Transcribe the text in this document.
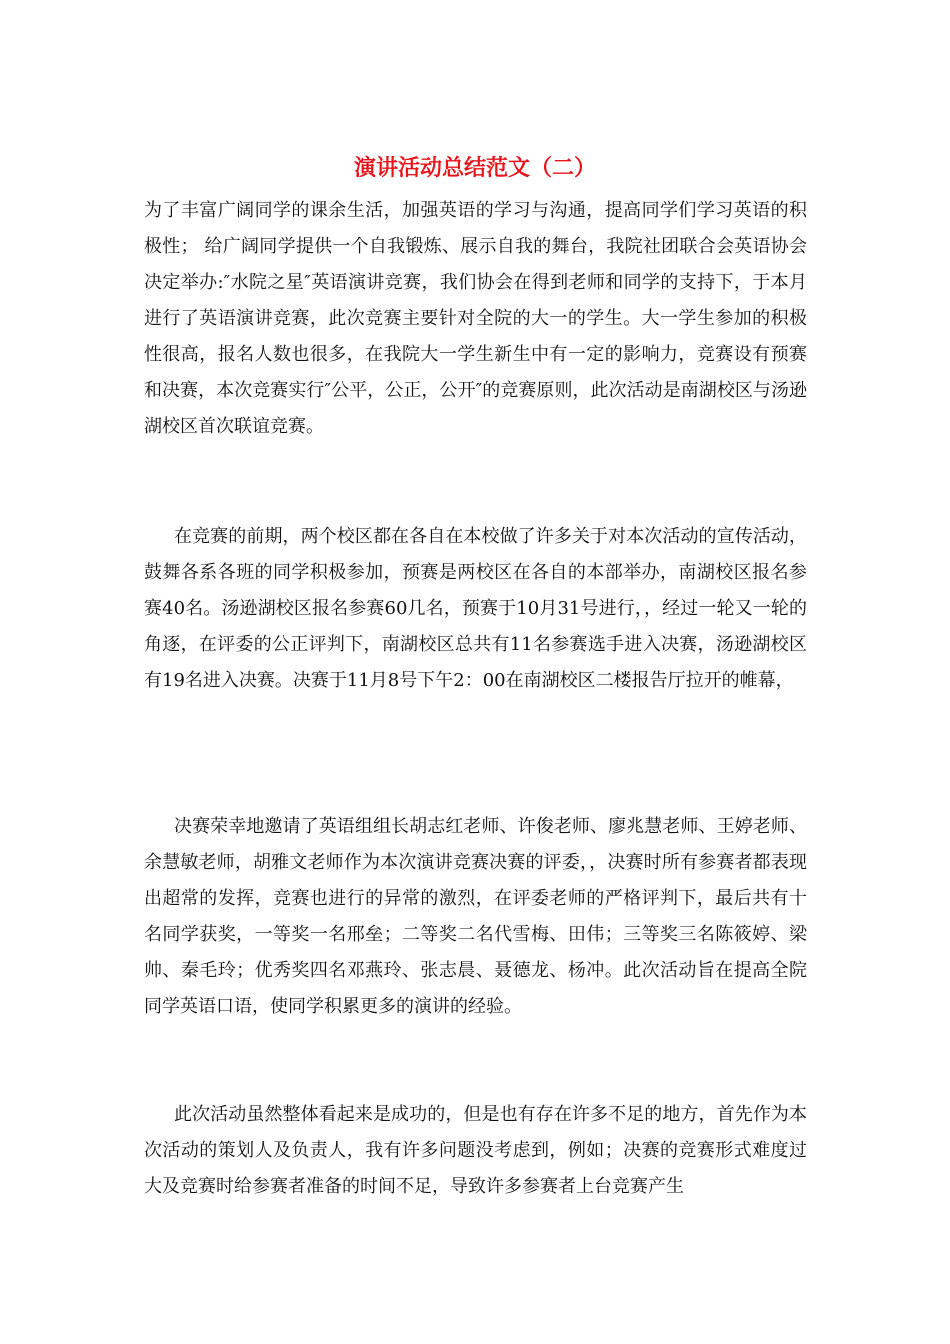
演讲活动总结范文（二）

为了丰富广阔同学的课余生活，加强英语的学习与沟通，提高同学们学习英语的积极性； 给广阔同学提供一个自我锻炼、展示自我的舞台，我院社团联合会英语协会决定举办:″水院之星″英语演讲竞赛，我们协会在得到老师和同学的支持下，于本月进行了英语演讲竞赛，此次竞赛主要针对全院的大一的学生。大一学生参加的积极性很高，报名人数也很多，在我院大一学生新生中有一定的影响力，竞赛设有预赛和决赛，本次竞赛实行″公平，公正，公开″的竞赛原则，此次活动是南湖校区与汤逊湖校区首次联谊竞赛。

在竞赛的前期，两个校区都在各自在本校做了许多关于对本次活动的宣传活动，鼓舞各系各班的同学积极参加，预赛是两校区在各自的本部举办，南湖校区报名参赛40名。汤逊湖校区报名参赛60几名，预赛于10月31号进行，，经过一轮又一轮的角逐，在评委的公正评判下，南湖校区总共有11名参赛选手进入决赛，汤逊湖校区有19名进入决赛。决赛于11月8号下午2：00在南湖校区二楼报告厅拉开的帷幕，

决赛荣幸地邀请了英语组组长胡志红老师、许俊老师、廖兆慧老师、王婷老师、余慧敏老师，胡雅文老师作为本次演讲竞赛决赛的评委，，决赛时所有参赛者都表现出超常的发挥，竞赛也进行的异常的激烈，在评委老师的严格评判下，最后共有十名同学获奖，一等奖一名邢垒；二等奖二名代雪梅、田伟；三等奖三名陈筱婷、梁帅、秦毛玲；优秀奖四名邓燕玲、张志晨、聂德龙、杨冲。此次活动旨在提高全院同学英语口语，使同学积累更多的演讲的经验。

此次活动虽然整体看起来是成功的，但是也有存在许多不足的地方，首先作为本次活动的策划人及负责人，我有许多问题没考虑到，例如；决赛的竞赛形式难度过大及竞赛时给参赛者准备的时间不足，导致许多参赛者上台竞赛产生
